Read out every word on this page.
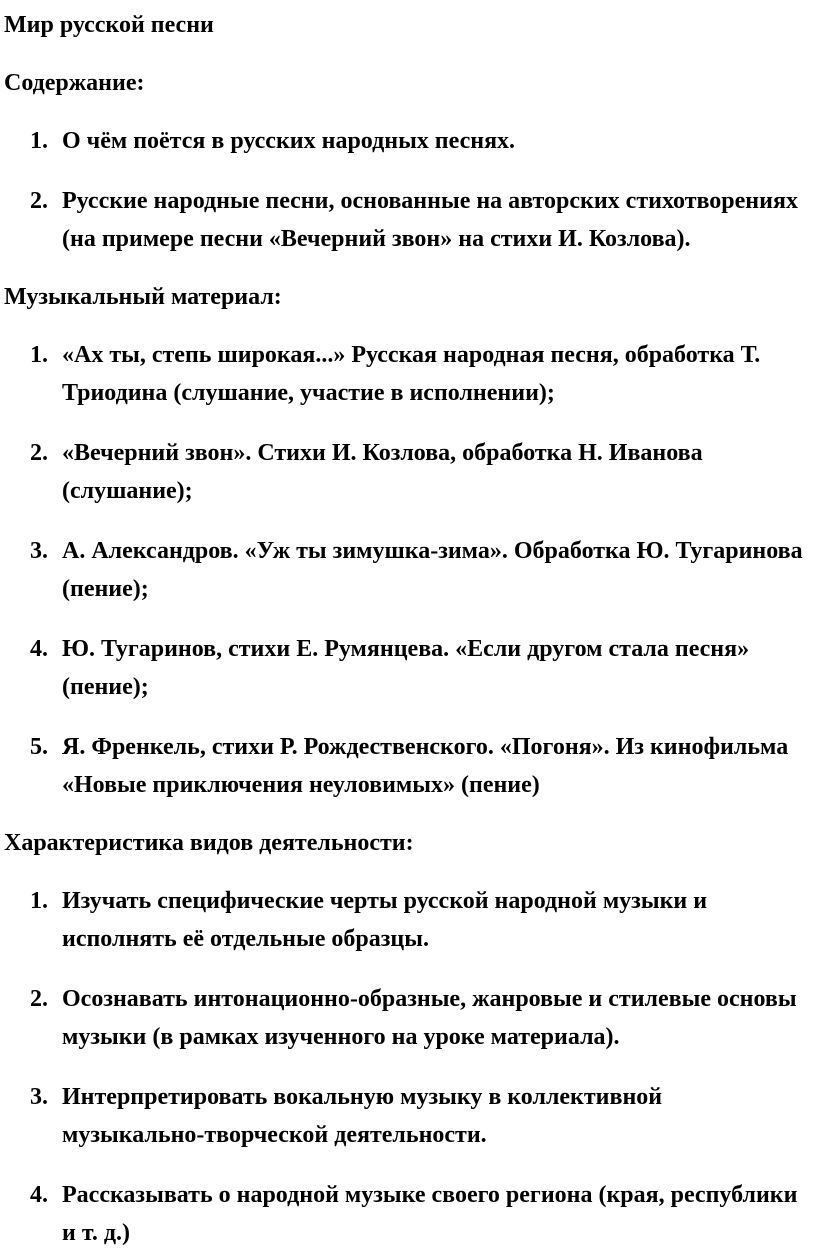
Мир русской песни

Содержание:

1. О чём поётся в русских народных песнях.
2. Русские народные песни, основанные на авторских стихотворениях (на примере песни «Вечерний звон» на стихи И. Козлова).

Музыкальный материал:

1. «Ах ты, степь широкая...» Русская народная песня, обработка Т. Триодина (слушание, участие в исполнении);
2. «Вечерний звон». Стихи И. Козлова, обработка Н. Иванова (слушание);
3. А. Александров. «Уж ты зимушка-зима». Обработка Ю. Тугаринова (пение);
4. Ю. Тугаринов, стихи Е. Румянцева. «Если другом стала песня» (пение);
5. Я. Френкель, стихи Р. Рождественского. «Погоня». Из кинофильма «Новые приключения неуловимых» (пение)

Характеристика видов деятельности:

1. Изучать специфические черты русской народной музыки и исполнять её отдельные образцы.
2. Осознавать интонационно-образные, жанровые и стилевые основы музыки (в рамках изученного на уроке материала).
3. Интерпретировать вокальную музыку в коллективной музыкально-творческой деятельности.
4. Рассказывать о народной музыке своего региона (края, республики и т. д.)
